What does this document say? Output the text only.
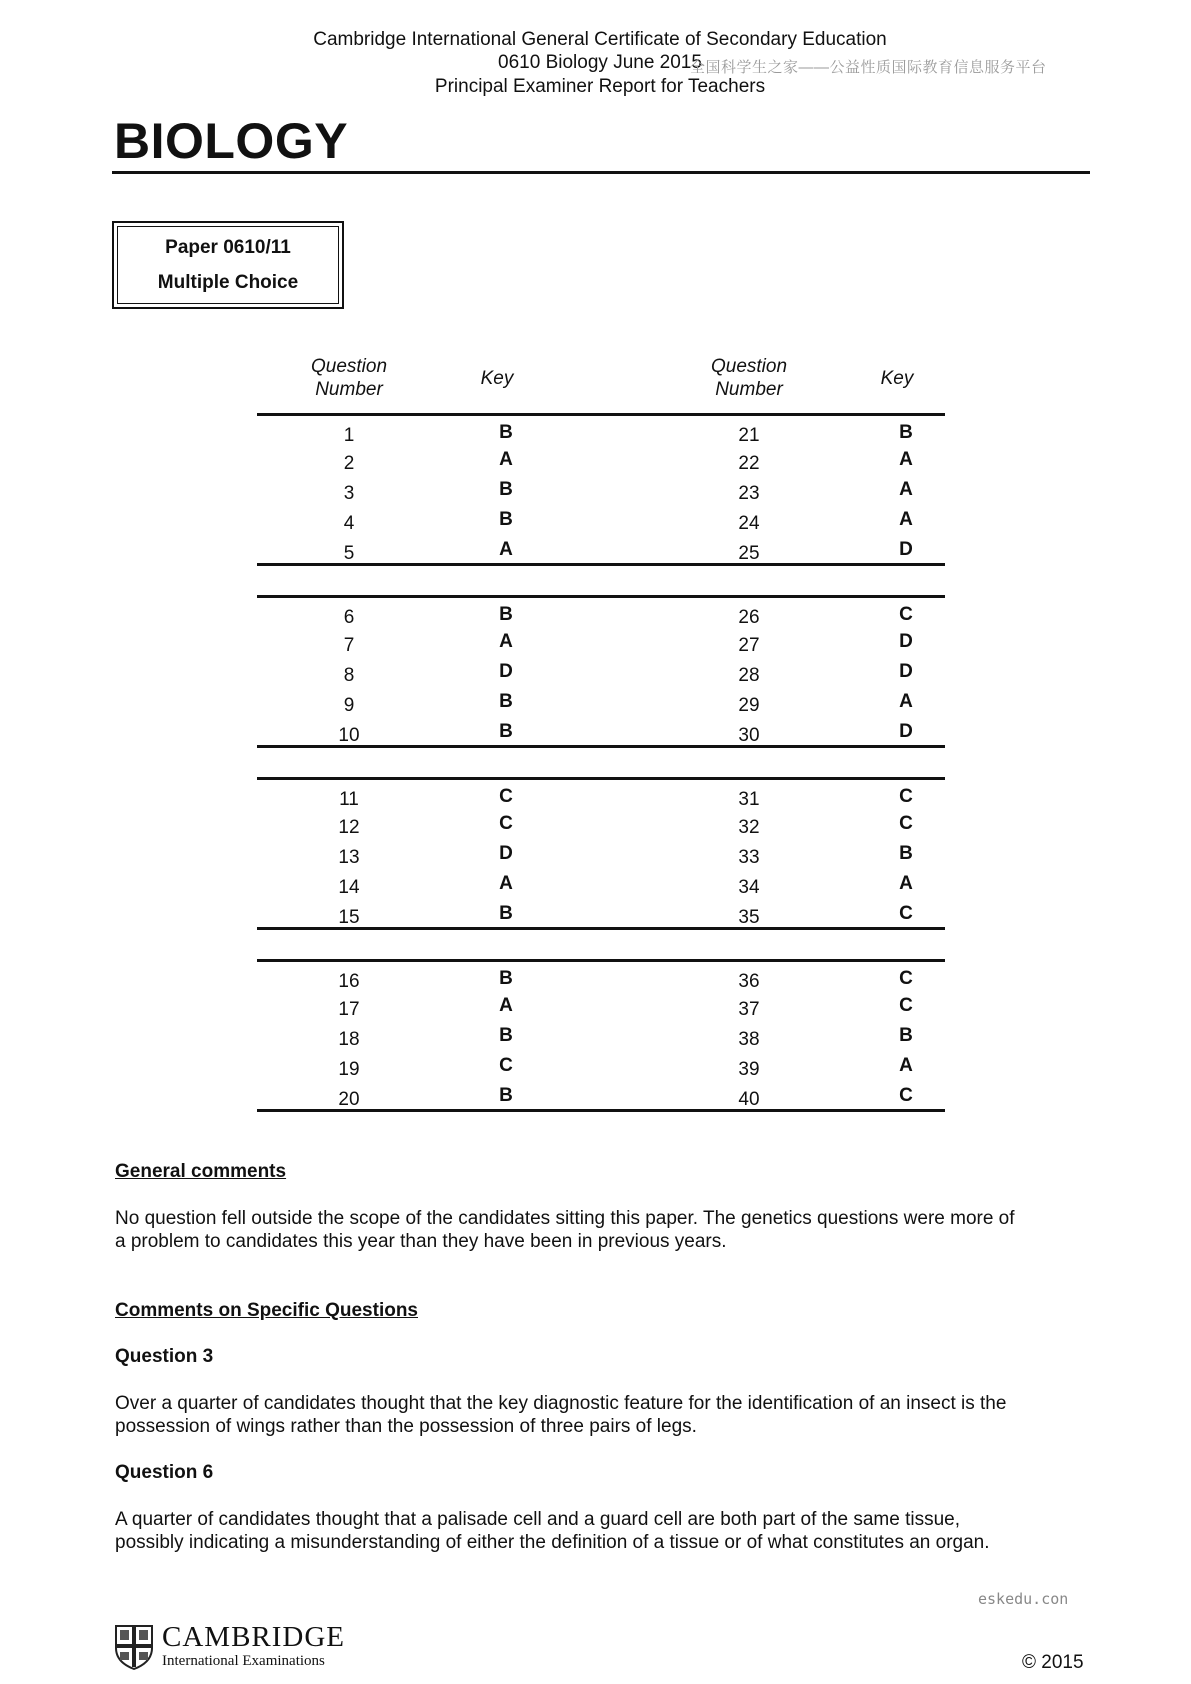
Cambridge International General Certificate of Secondary Education
0610 Biology June 2015
全国科学生之家——公益性质国际教育信息服务平台
Principal Examiner Report for Teachers
BIOLOGY
Paper 0610/11
Multiple Choice
Question
Number
Key
Question
Number
Key
1	B	21	B
2	A	22	A
3	B	23	A
4	B	24	A
5	A	25	D
6	B	26	C
7	A	27	D
8	D	28	D
9	B	29	A
10	B	30	D
11	C	31	C
12	C	32	C
13	D	33	B
14	A	34	A
15	B	35	C
16	B	36	C
17	A	37	C
18	B	38	B
19	C	39	A
20	B	40	C
General comments
No question fell outside the scope of the candidates sitting this paper. The genetics questions were more of
a problem to candidates this year than they have been in previous years.
Comments on Specific Questions
Question 3
Over a quarter of candidates thought that the key diagnostic feature for the identification of an insect is the
possession of wings rather than the possession of three pairs of legs.
Question 6
A quarter of candidates thought that a palisade cell and a guard cell are both part of the same tissue,
possibly indicating a misunderstanding of either the definition of a tissue or of what constitutes an organ.
eskedu.con
CAMBRIDGE
International Examinations	© 2015
